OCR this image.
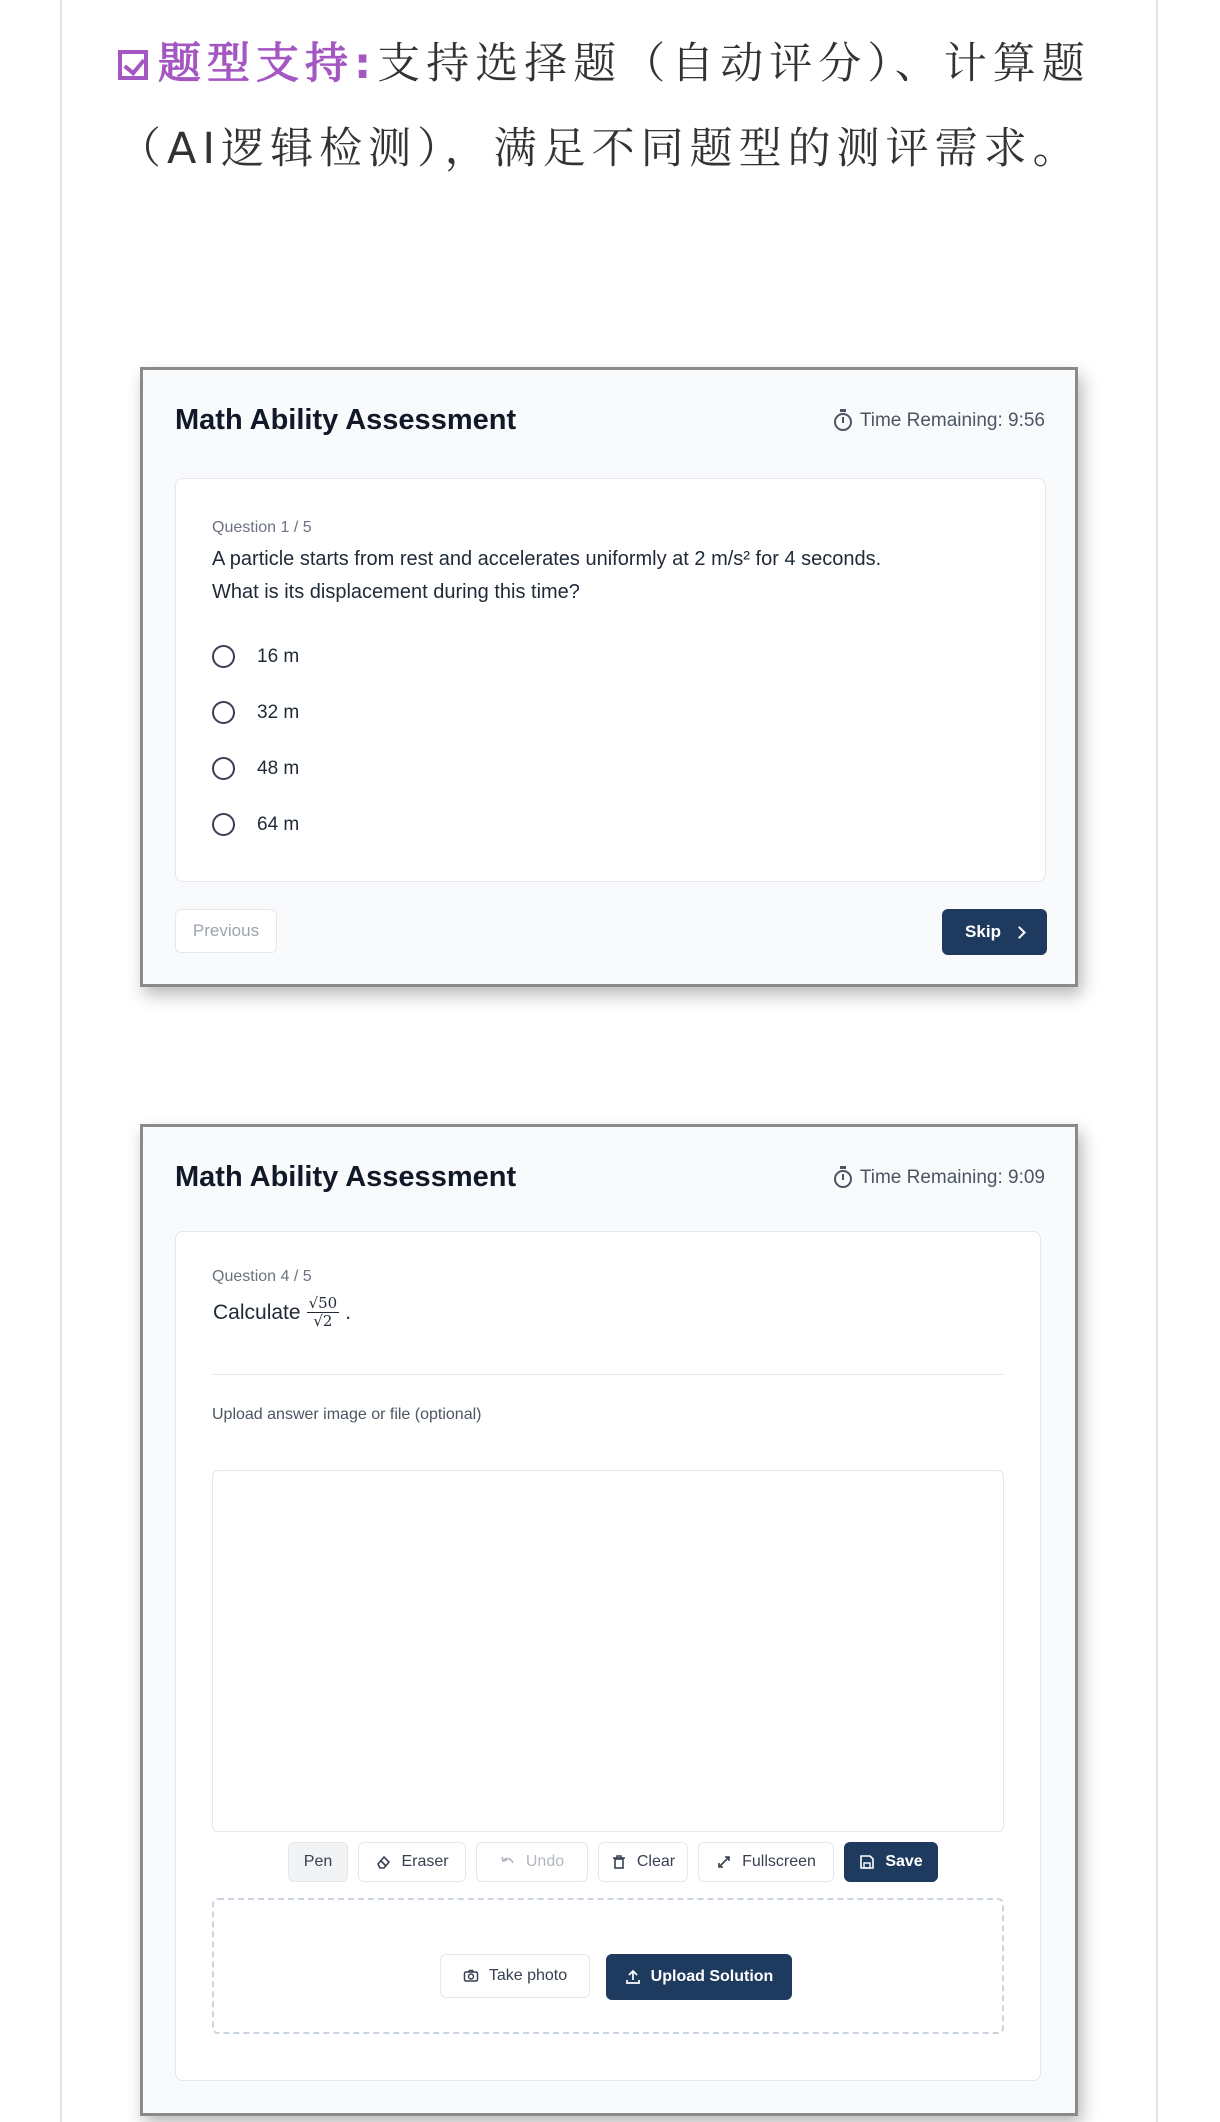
题型支持:支持选择题（自动评分）、计算题（AI逻辑检测），满足不同题型的测评需求。
Math Ability Assessment	Time Remaining: 9:56
Question 1 / 5
A particle starts from rest and accelerates uniformly at 2 m/s² for 4 seconds.
What is its displacement during this time?
16 m
32 m
48 m
64 m
Previous	Skip
Math Ability Assessment	Time Remaining: 9:09
Question 4 / 5
Calculate $\frac{√50}{√2}$ .
Upload answer image or file (optional)
Pen	Eraser	Undo	Clear	Fullscreen	Save
Take photo	Upload Solution
